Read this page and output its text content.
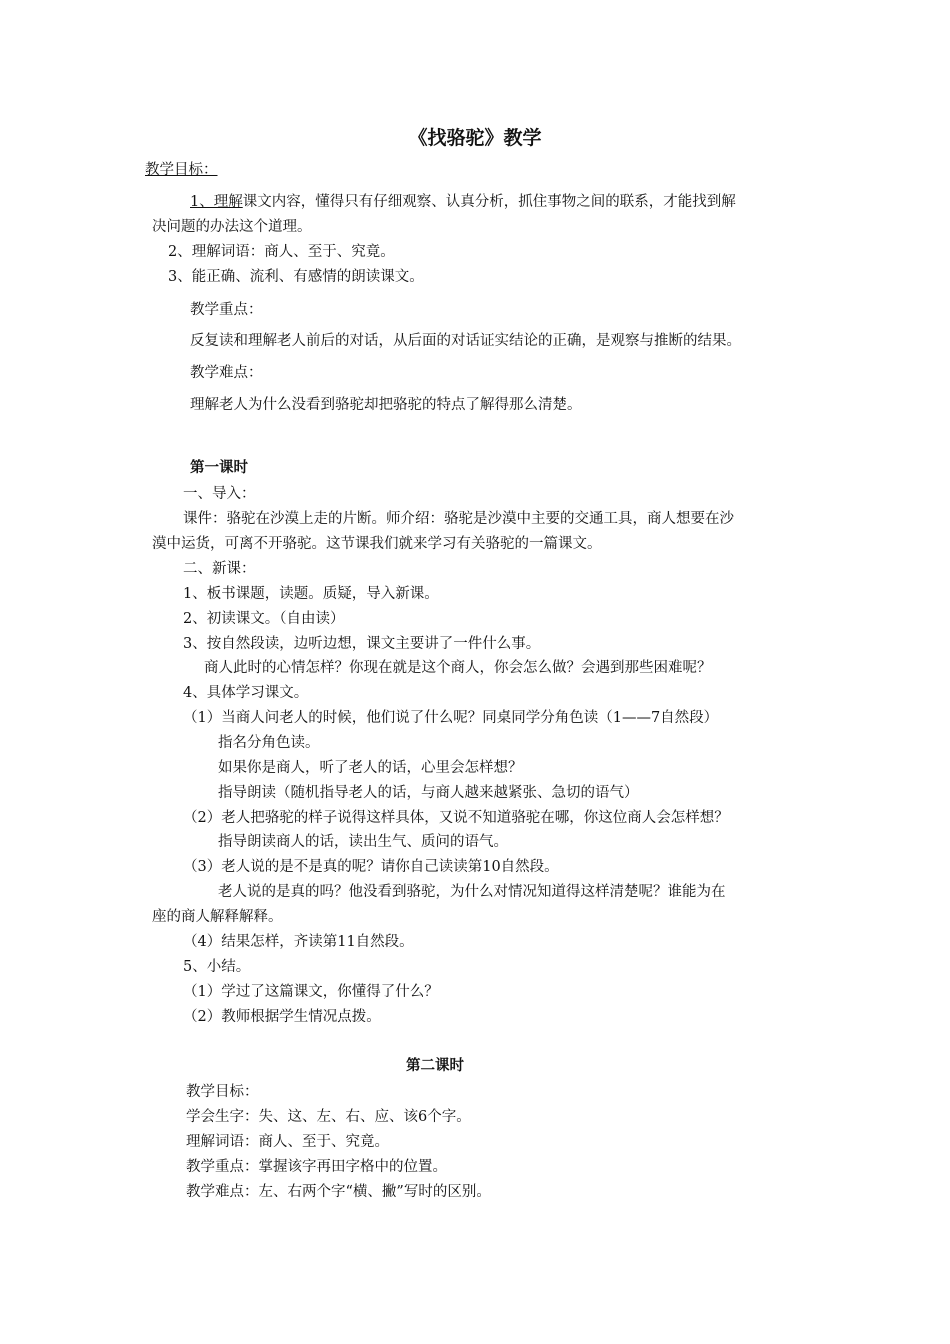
《找骆驼》教学
教学目标：
1、理解课文内容，懂得只有仔细观察、认真分析，抓住事物之间的联系，才能找到解
决问题的办法这个道理。
2、理解词语：商人、至于、究竟。
3、能正确、流利、有感情的朗读课文。
教学重点：
反复读和理解老人前后的对话，从后面的对话证实结论的正确，是观察与推断的结果。
教学难点：
理解老人为什么没看到骆驼却把骆驼的特点了解得那么清楚。
第一课时
一、导入：
课件：骆驼在沙漠上走的片断。师介绍：骆驼是沙漠中主要的交通工具，商人想要在沙
漠中运货，可离不开骆驼。这节课我们就来学习有关骆驼的一篇课文。
二、新课：
1、板书课题，读题。质疑，导入新课。
2、初读课文。（自由读）
3、按自然段读，边听边想，课文主要讲了一件什么事。
商人此时的心情怎样？你现在就是这个商人，你会怎么做？会遇到那些困难呢？
4、具体学习课文。
（1）当商人问老人的时候，他们说了什么呢？同桌同学分角色读（1——7自然段）
指名分角色读。
如果你是商人，听了老人的话，心里会怎样想？
指导朗读（随机指导老人的话，与商人越来越紧张、急切的语气）
（2）老人把骆驼的样子说得这样具体，又说不知道骆驼在哪，你这位商人会怎样想？
指导朗读商人的话，读出生气、质问的语气。
（3）老人说的是不是真的呢？请你自己读读第10自然段。
老人说的是真的吗？他没看到骆驼，为什么对情况知道得这样清楚呢？谁能为在
座的商人解释解释。
（4）结果怎样，齐读第11自然段。
5、小结。
（1）学过了这篇课文，你懂得了什么？
（2）教师根据学生情况点拨。
第二课时
教学目标：
学会生字：失、这、左、右、应、该6个字。
理解词语：商人、至于、究竟。
教学重点：掌握该字再田字格中的位置。
教学难点：左、右两个字“横、撇”写时的区别。
